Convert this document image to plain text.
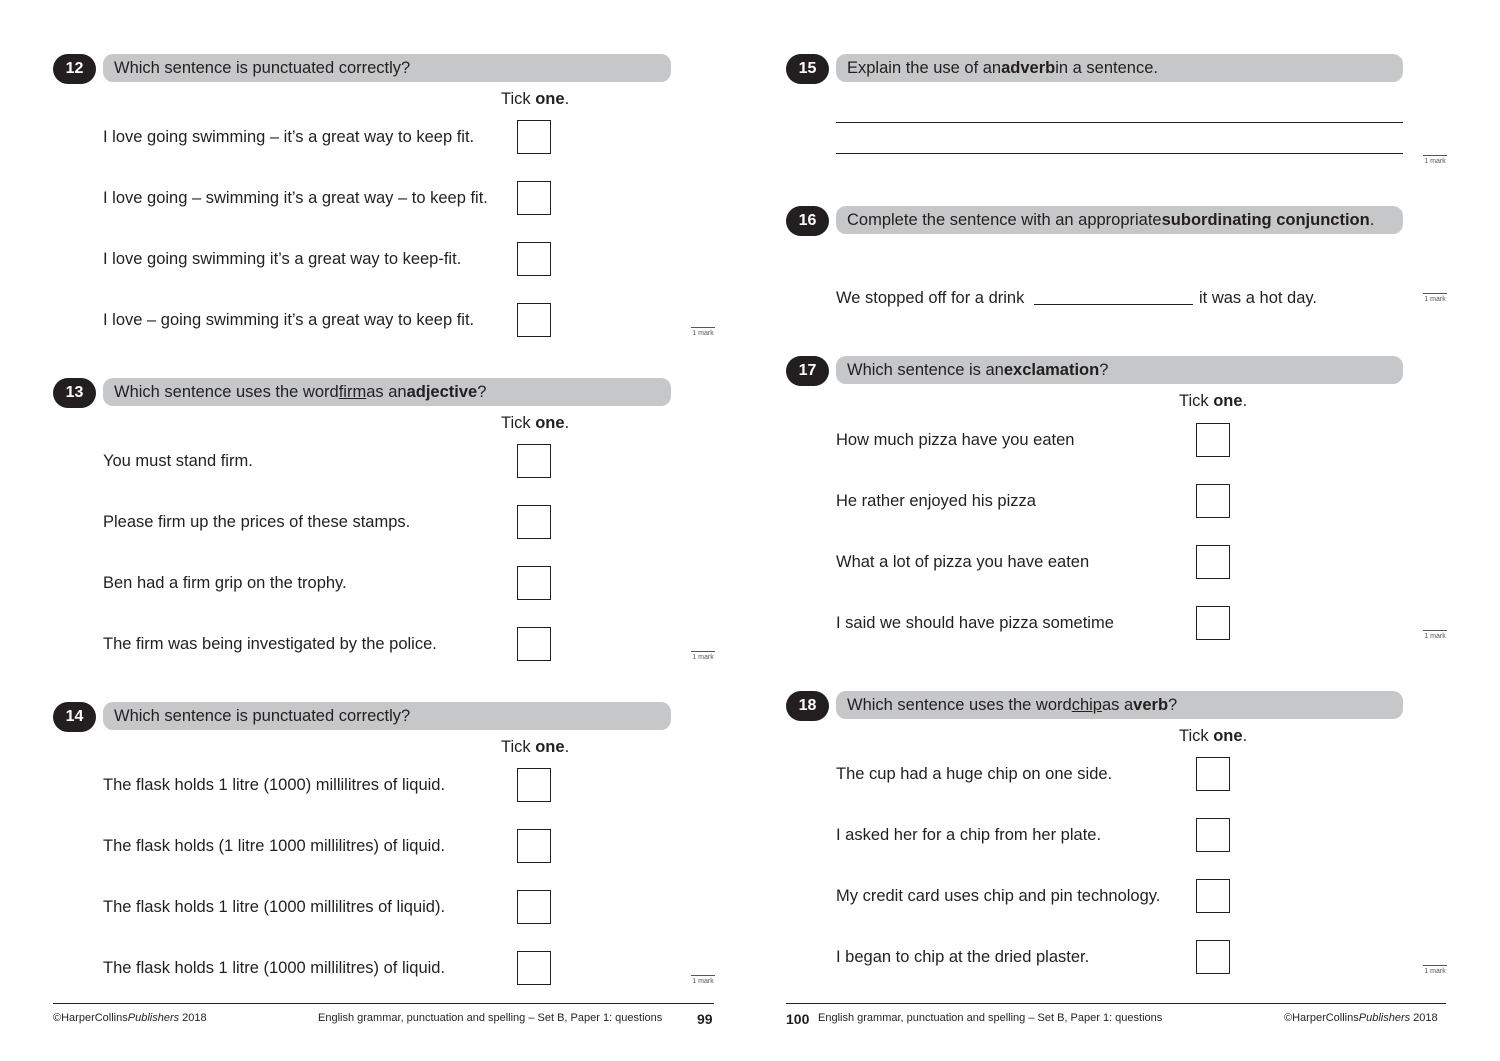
12	Which sentence is punctuated correctly?
Tick one.
I love going swimming – it’s a great way to keep fit.
I love going – swimming it’s a great way – to keep fit.
I love going swimming it’s a great way to keep-fit.
I love – going swimming it’s a great way to keep fit.
1 mark
13	Which sentence uses the word firm as an adjective ?
Tick one.
You must stand firm.
Please firm up the prices of these stamps.
Ben had a firm grip on the trophy.
The firm was being investigated by the police.
1 mark
14	Which sentence is punctuated correctly?
Tick one.
The flask holds 1 litre (1000) millilitres of liquid.
The flask holds (1 litre 1000 millilitres) of liquid.
The flask holds 1 litre (1000 millilitres of liquid).
The flask holds 1 litre (1000 millilitres) of liquid.
1 mark
©HarperCollinsPublishers 2018	English grammar, punctuation and spelling – Set B, Paper 1: questions 99
15	Explain the use of an adverb in a sentence.
1 mark
16	Complete the sentence with an appropriate subordinating conjunction .
We stopped off for a drink	it was a hot day.	1 mark
17	Which sentence is an exclamation ?
Tick one.
How much pizza have you eaten
He rather enjoyed his pizza
What a lot of pizza you have eaten
I said we should have pizza sometime
1 mark
18	Which sentence uses the word chip as a verb ?
Tick one.
The cup had a huge chip on one side.
I asked her for a chip from her plate.
My credit card uses chip and pin technology.
I began to chip at the dried plaster.
1 mark
100 English grammar, punctuation and spelling – Set B, Paper 1: questions	©HarperCollinsPublishers 2018
